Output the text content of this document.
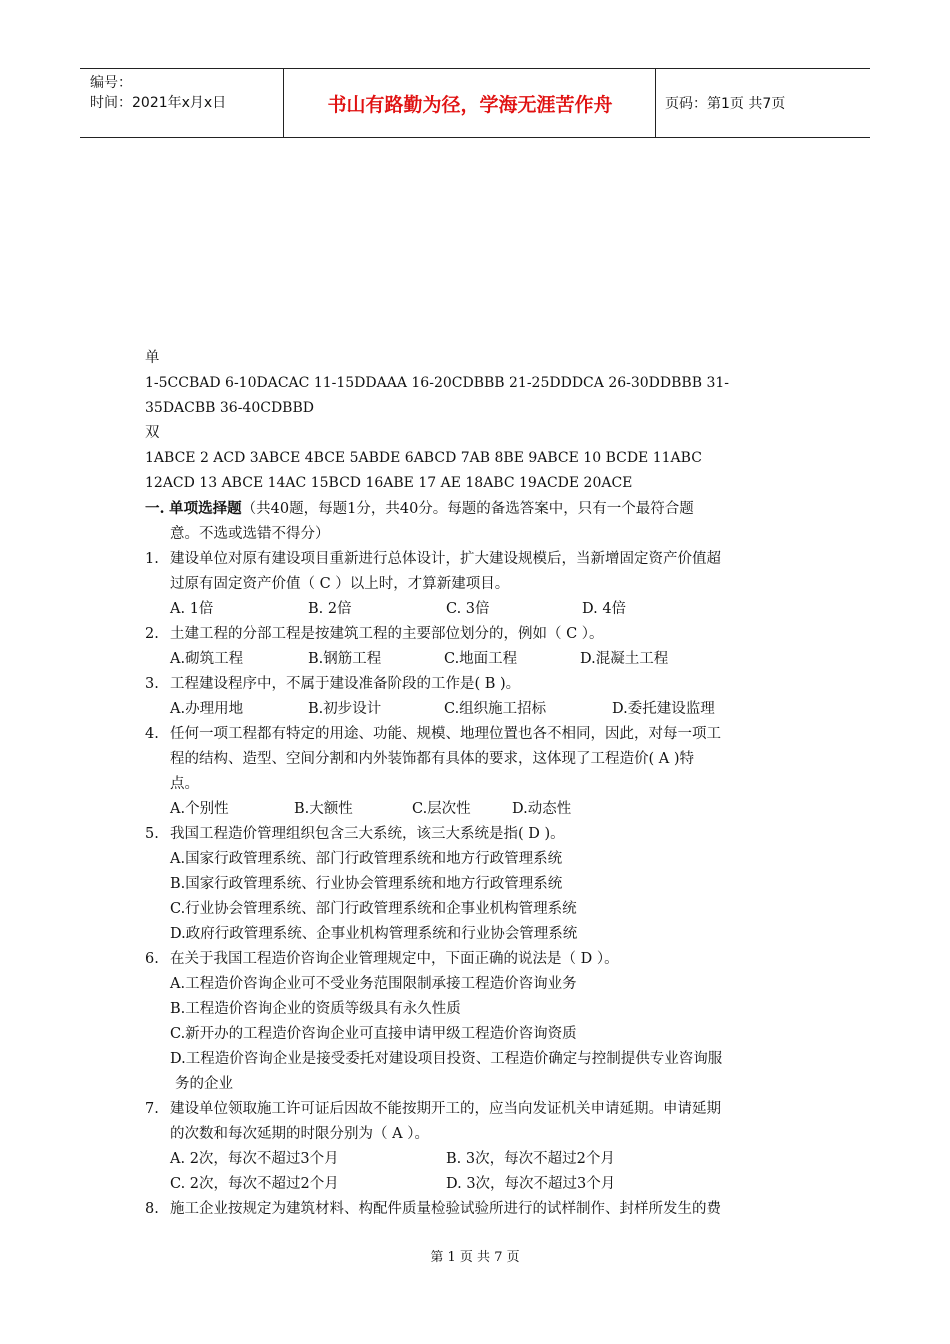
编号：
时间：2021年x月x日	书山有路勤为径，学海无涯苦作舟	页码：第1页 共7页
单
1-5CCBAD 6-10DACAC 11-15DDAAA 16-20CDBBB 21-25DDDCA 26-30DDBBB 31-
35DACBB 36-40CDBBD
双
1ABCE 2 ACD 3ABCE 4BCE 5ABDE 6ABCD 7AB 8BE 9ABCE 10 BCDE 11ABC
12ACD 13 ABCE 14AC 15BCD 16ABE 17 AE 18ABC 19ACDE 20ACE
一. 单项选择题（共40题，每题1分，共40分。每题的备选答案中，只有一个最符合题
意。不选或选错不得分）
1. 建设单位对原有建设项目重新进行总体设计，扩大建设规模后，当新增固定资产价值超
过原有固定资产价值（ C ）以上时，才算新建项目。
A. 1倍	B. 2倍	C. 3倍	D. 4倍
2. 土建工程的分部工程是按建筑工程的主要部位划分的，例如（ C ）。
A.砌筑工程	B.钢筋工程	C.地面工程	D.混凝土工程
3. 工程建设程序中，不属于建设准备阶段的工作是( B )。
A.办理用地	B.初步设计	C.组织施工招标	D.委托建设监理
4. 任何一项工程都有特定的用途、功能、规模、地理位置也各不相同，因此，对每一项工
程的结构、造型、空间分割和内外装饰都有具体的要求，这体现了工程造价( A )特
点。
A.个别性	B.大额性	C.层次性	D.动态性
5. 我国工程造价管理组织包含三大系统，该三大系统是指( D )。
A.国家行政管理系统、部门行政管理系统和地方行政管理系统
B.国家行政管理系统、行业协会管理系统和地方行政管理系统
C.行业协会管理系统、部门行政管理系统和企事业机构管理系统
D.政府行政管理系统、企事业机构管理系统和行业协会管理系统
6. 在关于我国工程造价咨询企业管理规定中，下面正确的说法是（ D ）。
A.工程造价咨询企业可不受业务范围限制承接工程造价咨询业务
B.工程造价咨询企业的资质等级具有永久性质
C.新开办的工程造价咨询企业可直接申请甲级工程造价咨询资质
D.工程造价咨询企业是接受委托对建设项目投资、工程造价确定与控制提供专业咨询服
务的企业
7. 建设单位领取施工许可证后因故不能按期开工的，应当向发证机关申请延期。申请延期
的次数和每次延期的时限分别为（ A ）。
A. 2次，每次不超过3个月	B. 3次，每次不超过2个月
C. 2次，每次不超过2个月	D. 3次，每次不超过3个月
8. 施工企业按规定为建筑材料、构配件质量检验试验所进行的试样制作、封样所发生的费
第 1 页 共 7 页
